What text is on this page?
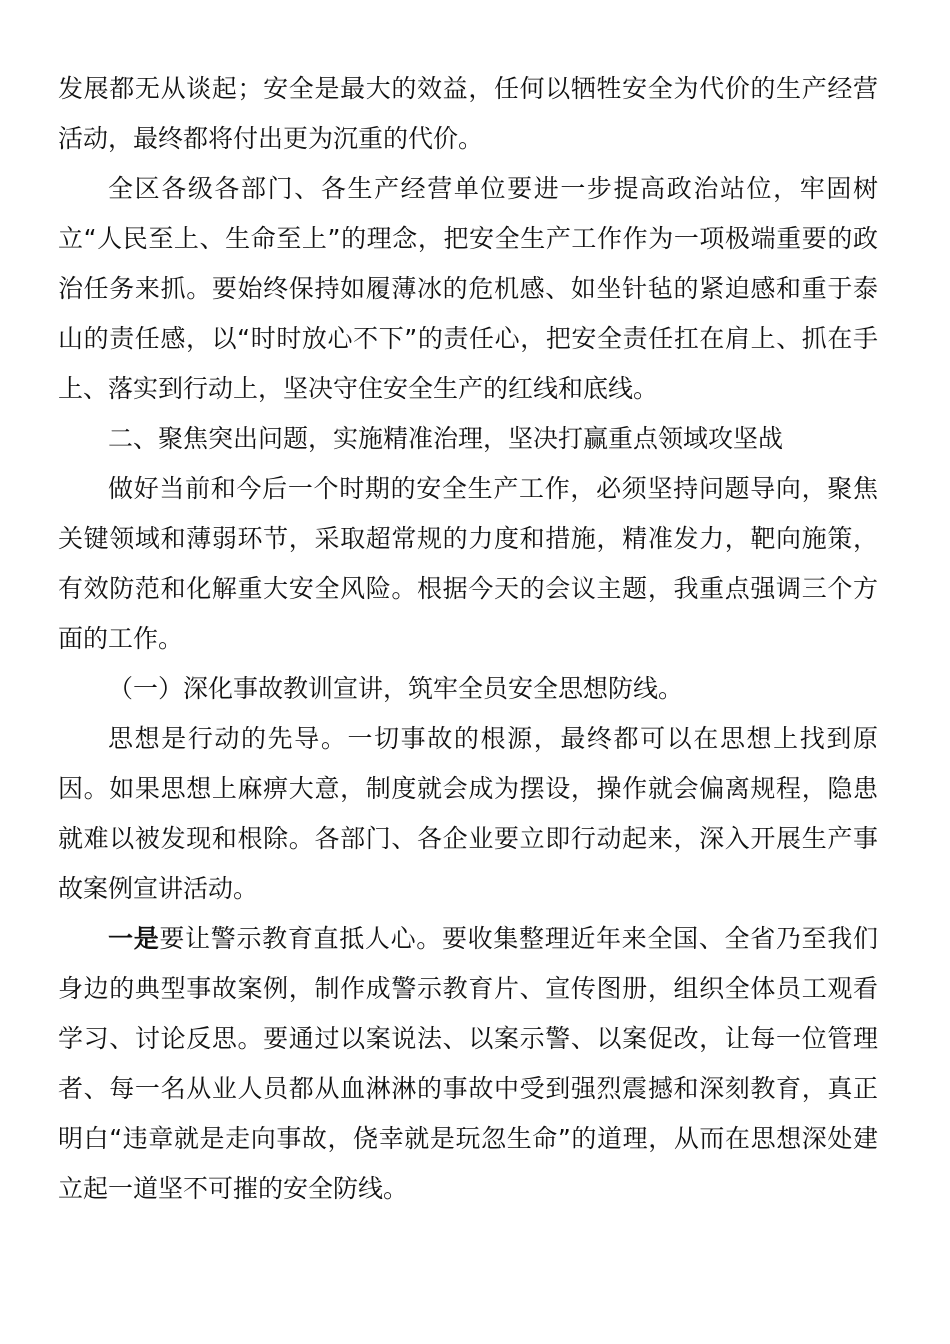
发展都无从谈起；安全是最大的效益，任何以牺牲安全为代价的生产经营活动，最终都将付出更为沉重的代价。

全区各级各部门、各生产经营单位要进一步提高政治站位，牢固树立“人民至上、生命至上”的理念，把安全生产工作作为一项极端重要的政治任务来抓。要始终保持如履薄冰的危机感、如坐针毡的紧迫感和重于泰山的责任感，以“时时放心不下”的责任心，把安全责任扛在肩上、抓在手上、落实到行动上，坚决守住安全生产的红线和底线。

二、聚焦突出问题，实施精准治理，坚决打赢重点领域攻坚战

做好当前和今后一个时期的安全生产工作，必须坚持问题导向，聚焦关键领域和薄弱环节，采取超常规的力度和措施，精准发力，靶向施策，有效防范和化解重大安全风险。根据今天的会议主题，我重点强调三个方面的工作。

（一）深化事故教训宣讲，筑牢全员安全思想防线。

思想是行动的先导。一切事故的根源，最终都可以在思想上找到原因。如果思想上麻痹大意，制度就会成为摆设，操作就会偏离规程，隐患就难以被发现和根除。各部门、各企业要立即行动起来，深入开展生产事故案例宣讲活动。

一是要让警示教育直抵人心。要收集整理近年来全国、全省乃至我们身边的典型事故案例，制作成警示教育片、宣传图册，组织全体员工观看学习、讨论反思。要通过以案说法、以案示警、以案促改，让每一位管理者、每一名从业人员都从血淋淋的事故中受到强烈震撼和深刻教育，真正明白“违章就是走向事故，侥幸就是玩忽生命”的道理，从而在思想深处建立起一道坚不可摧的安全防线。
